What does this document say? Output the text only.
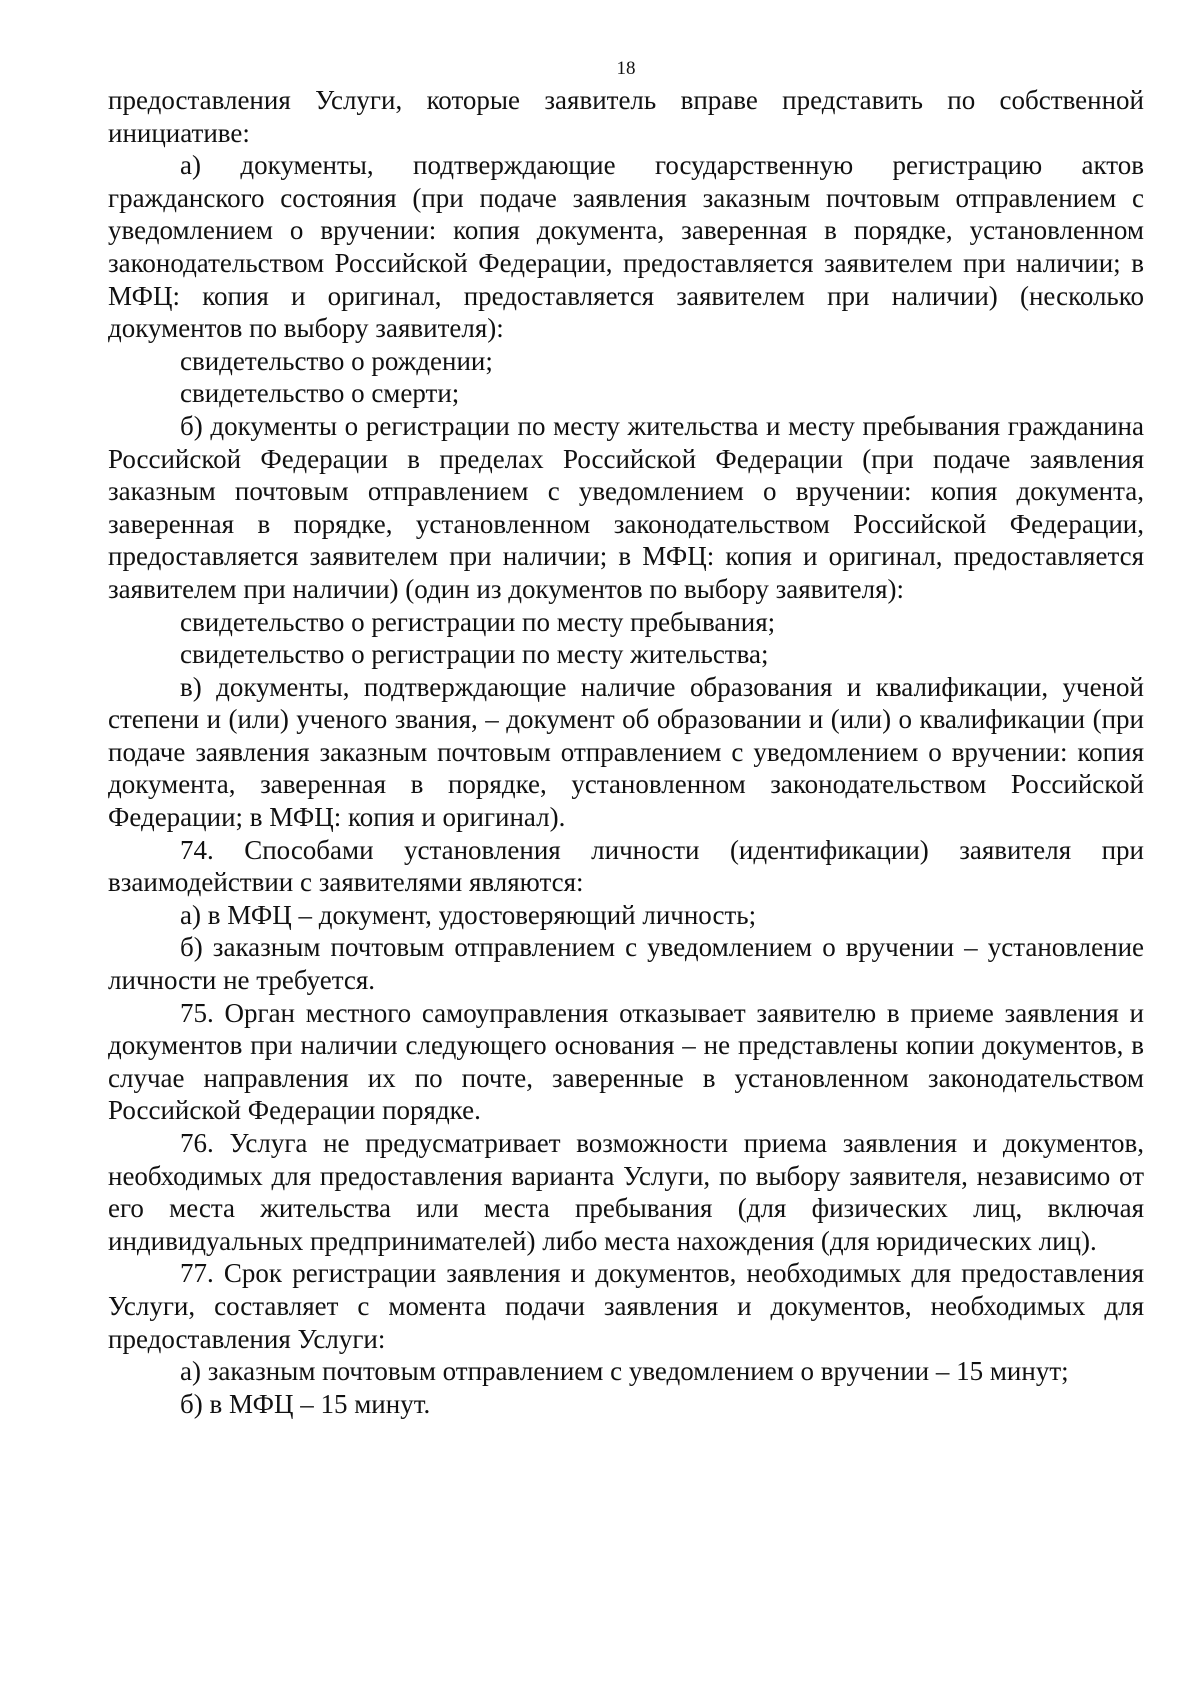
18

предоставления Услуги, которые заявитель вправе представить по собственной инициативе:

а) документы, подтверждающие государственную регистрацию актов гражданского состояния (при подаче заявления заказным почтовым отправлением с уведомлением о вручении: копия документа, заверенная в порядке, установленном законодательством Российской Федерации, предоставляется заявителем при наличии; в МФЦ: копия и оригинал, предоставляется заявителем при наличии) (несколько документов по выбору заявителя):

свидетельство о рождении;

свидетельство о смерти;

б) документы о регистрации по месту жительства и месту пребывания гражданина Российской Федерации в пределах Российской Федерации (при подаче заявления заказным почтовым отправлением с уведомлением о вручении: копия документа, заверенная в порядке, установленном законодательством Российской Федерации, предоставляется заявителем при наличии; в МФЦ: копия и оригинал, предоставляется заявителем при наличии) (один из документов по выбору заявителя):

свидетельство о регистрации по месту пребывания;

свидетельство о регистрации по месту жительства;

в) документы, подтверждающие наличие образования и квалификации, ученой степени и (или) ученого звания, – документ об образовании и (или) о квалификации (при подаче заявления заказным почтовым отправлением с уведомлением о вручении: копия документа, заверенная в порядке, установленном законодательством Российской Федерации; в МФЦ: копия и оригинал).

74. Способами установления личности (идентификации) заявителя при взаимодействии с заявителями являются:

а) в МФЦ – документ, удостоверяющий личность;

б) заказным почтовым отправлением с уведомлением о вручении – установление личности не требуется.

75. Орган местного самоуправления отказывает заявителю в приеме заявления и документов при наличии следующего основания – не представлены копии документов, в случае направления их по почте, заверенные в установленном законодательством Российской Федерации порядке.

76. Услуга не предусматривает возможности приема заявления и документов, необходимых для предоставления варианта Услуги, по выбору заявителя, независимо от его места жительства или места пребывания (для физических лиц, включая индивидуальных предпринимателей) либо места нахождения (для юридических лиц).

77. Срок регистрации заявления и документов, необходимых для предоставления Услуги, составляет с момента подачи заявления и документов, необходимых для предоставления Услуги:

а) заказным почтовым отправлением с уведомлением о вручении – 15 минут;

б) в МФЦ – 15 минут.
